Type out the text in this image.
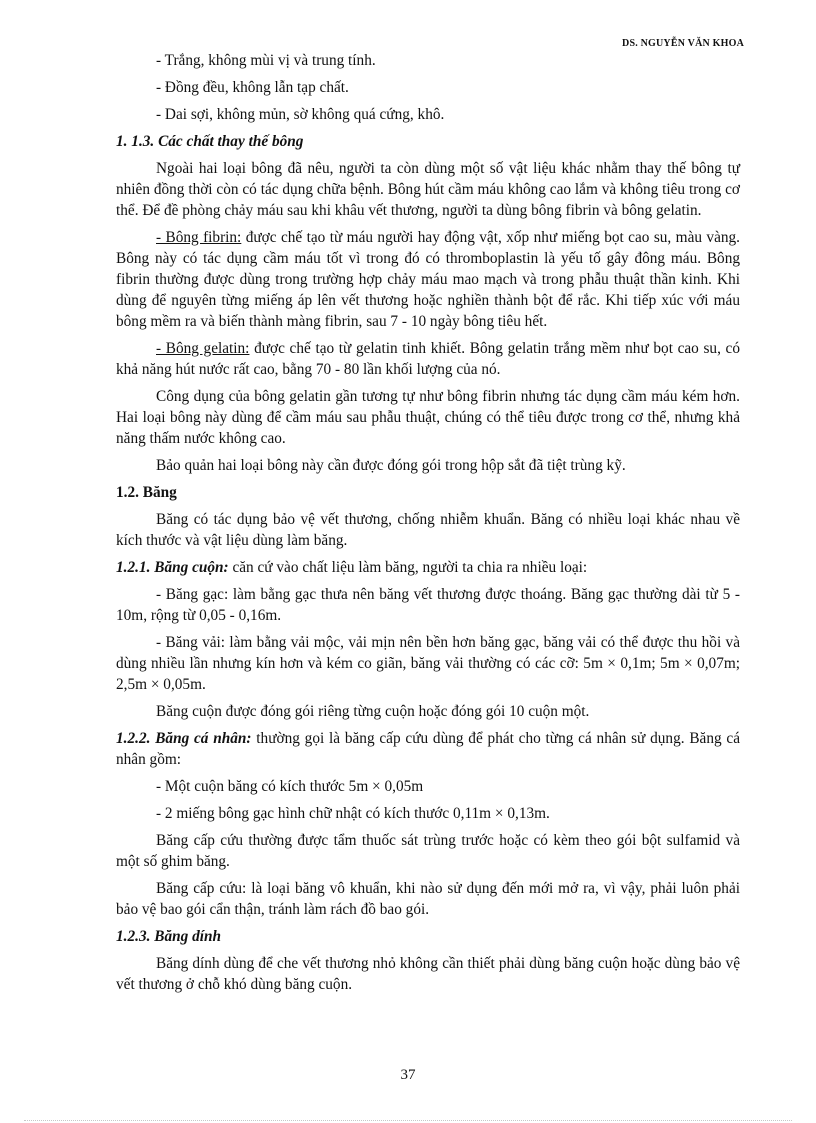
DS. NGUYỄN VĂN KHOA
- Trắng, không mùi vị và trung tính.
- Đồng đều, không lẫn tạp chất.
- Dai sợi, không mủn, sờ không quá cứng, khô.
1. 1.3. Các chất thay thế bông

Ngoài hai loại bông đã nêu, người ta còn dùng một số vật liệu khác nhằm thay thế bông tự nhiên đồng thời còn có tác dụng chữa bệnh. Bông hút cầm máu không cao lắm và không tiêu trong cơ thể. Để đề phòng chảy máu sau khi khâu vết thương, người ta dùng bông fibrin và bông gelatin.

- Bông fibrin: được chế tạo từ máu người hay động vật, xốp như miếng bọt cao su, màu vàng. Bông này có tác dụng cầm máu tốt vì trong đó có thromboplastin là yếu tố gây đông máu. Bông fibrin thường được dùng trong trường hợp chảy máu mao mạch và trong phẫu thuật thần kinh. Khi dùng để nguyên từng miếng áp lên vết thương hoặc nghiền thành bột để rắc. Khi tiếp xúc với máu bông mềm ra và biến thành màng fibrin, sau 7 - 10 ngày bông tiêu hết.

- Bông gelatin: được chế tạo từ gelatin tinh khiết. Bông gelatin trắng mềm như bọt cao su, có khả năng hút nước rất cao, bằng 70 - 80 lần khối lượng của nó.

Công dụng của bông gelatin gần tương tự như bông fibrin nhưng tác dụng cầm máu kém hơn. Hai loại bông này dùng để cầm máu sau phẫu thuật, chúng có thể tiêu được trong cơ thể, nhưng khả năng thấm nước không cao.

Bảo quản hai loại bông này cần được đóng gói trong hộp sắt đã tiệt trùng kỹ.

1.2. Băng

Băng có tác dụng bảo vệ vết thương, chống nhiễm khuẩn. Băng có nhiều loại khác nhau về kích thước và vật liệu dùng làm băng.

1.2.1. Băng cuộn: căn cứ vào chất liệu làm băng, người ta chia ra nhiều loại:

- Băng gạc: làm bằng gạc thưa nên băng vết thương được thoáng. Băng gạc thường dài từ 5 - 10m, rộng từ 0,05 - 0,16m.

- Băng vải: làm bằng vải mộc, vải mịn nên bền hơn băng gạc, băng vải có thể được thu hồi và dùng nhiều lần nhưng kín hơn và kém co giãn, băng vải thường có các cỡ: 5m × 0,1m; 5m × 0,07m; 2,5m × 0,05m.

Băng cuộn được đóng gói riêng từng cuộn hoặc đóng gói 10 cuộn một.

1.2.2. Băng cá nhân: thường gọi là băng cấp cứu dùng để phát cho từng cá nhân sử dụng. Băng cá nhân gồm:

- Một cuộn băng có kích thước 5m × 0,05m
- 2 miếng bông gạc hình chữ nhật có kích thước 0,11m × 0,13m.

Băng cấp cứu thường được tẩm thuốc sát trùng trước hoặc có kèm theo gói bột sulfamid và một số ghim băng.

Băng cấp cứu: là loại băng vô khuẩn, khi nào sử dụng đến mới mở ra, vì vậy, phải luôn phải bảo vệ bao gói cẩn thận, tránh làm rách đồ bao gói.

1.2.3. Băng dính

Băng dính dùng để che vết thương nhỏ không cần thiết phải dùng băng cuộn hoặc dùng bảo vệ vết thương ở chỗ khó dùng băng cuộn.

37
